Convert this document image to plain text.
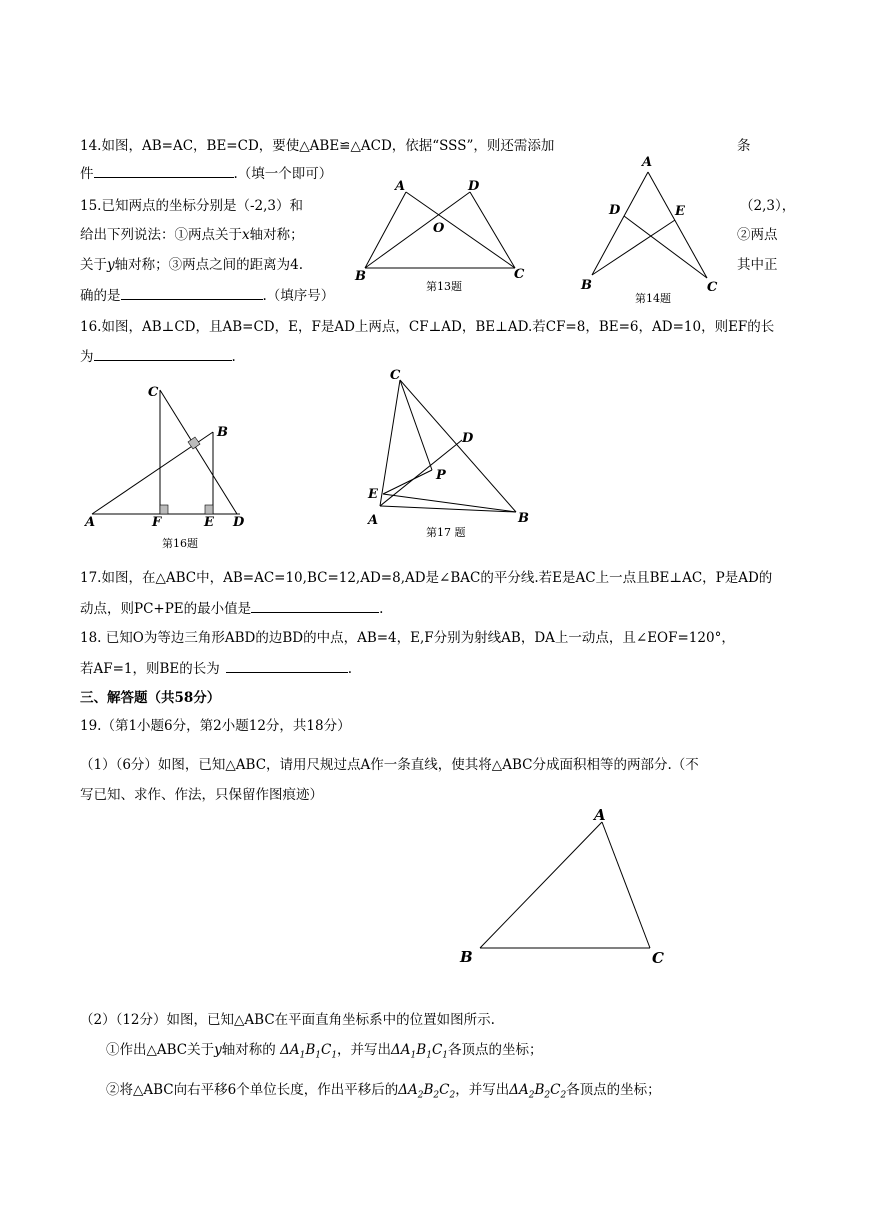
14.如图，AB=AC，BE=CD，要使△ABE≌△ACD，依据“SSS”，则还需添加	条
件	.（填一个即可）
15.已知两点的坐标分别是（-2,3）和	（2,3），
给出下列说法：①两点关于x轴对称；	②两点
关于y轴对称；③两点之间的距离为4.	其中正
确的是	.（填序号）
A	D
O
B	C
第13题
A
D	E
B	C
第14题
16.如图，AB⊥CD，且AB=CD，E，F是AD上两点，CF⊥AD，BE⊥AD.若CF=8，BE=6，AD=10，则EF的长
为	.
C
B
A	F	E D
第16题
C
D
P
E
A	B
第17 题
17.如图，在△ABC中，AB=AC=10,BC=12,AD=8,AD是∠BAC的平分线.若E是AC上一点且BE⊥AC，P是AD的
动点，则PC+PE的最小值是	.
18. 已知O为等边三角形ABD的边BD的中点，AB=4，E,F分别为射线AB，DA上一动点，且∠EOF=120°，
若AF=1，则BE的长为	.
三、解答题（共58分）
19.（第1小题6分，第2小题12分，共18分）
（1）（6分）如图，已知△ABC，请用尺规过点A作一条直线，使其将△ABC分成面积相等的两部分.（不
写已知、求作、作法，只保留作图痕迹）
A
B	C
（2）（12分）如图，已知△ABC在平面直角坐标系中的位置如图所示.
①作出△ABC关于y轴对称的 $\Delta A_1B_1C_1$，并写出$\Delta A_1B_1C_1$各顶点的坐标；
②将△ABC向右平移6个单位长度，作出平移后的$\Delta A_2B_2C_2$，并写出$\Delta A_2B_2C_2$各顶点的坐标；
